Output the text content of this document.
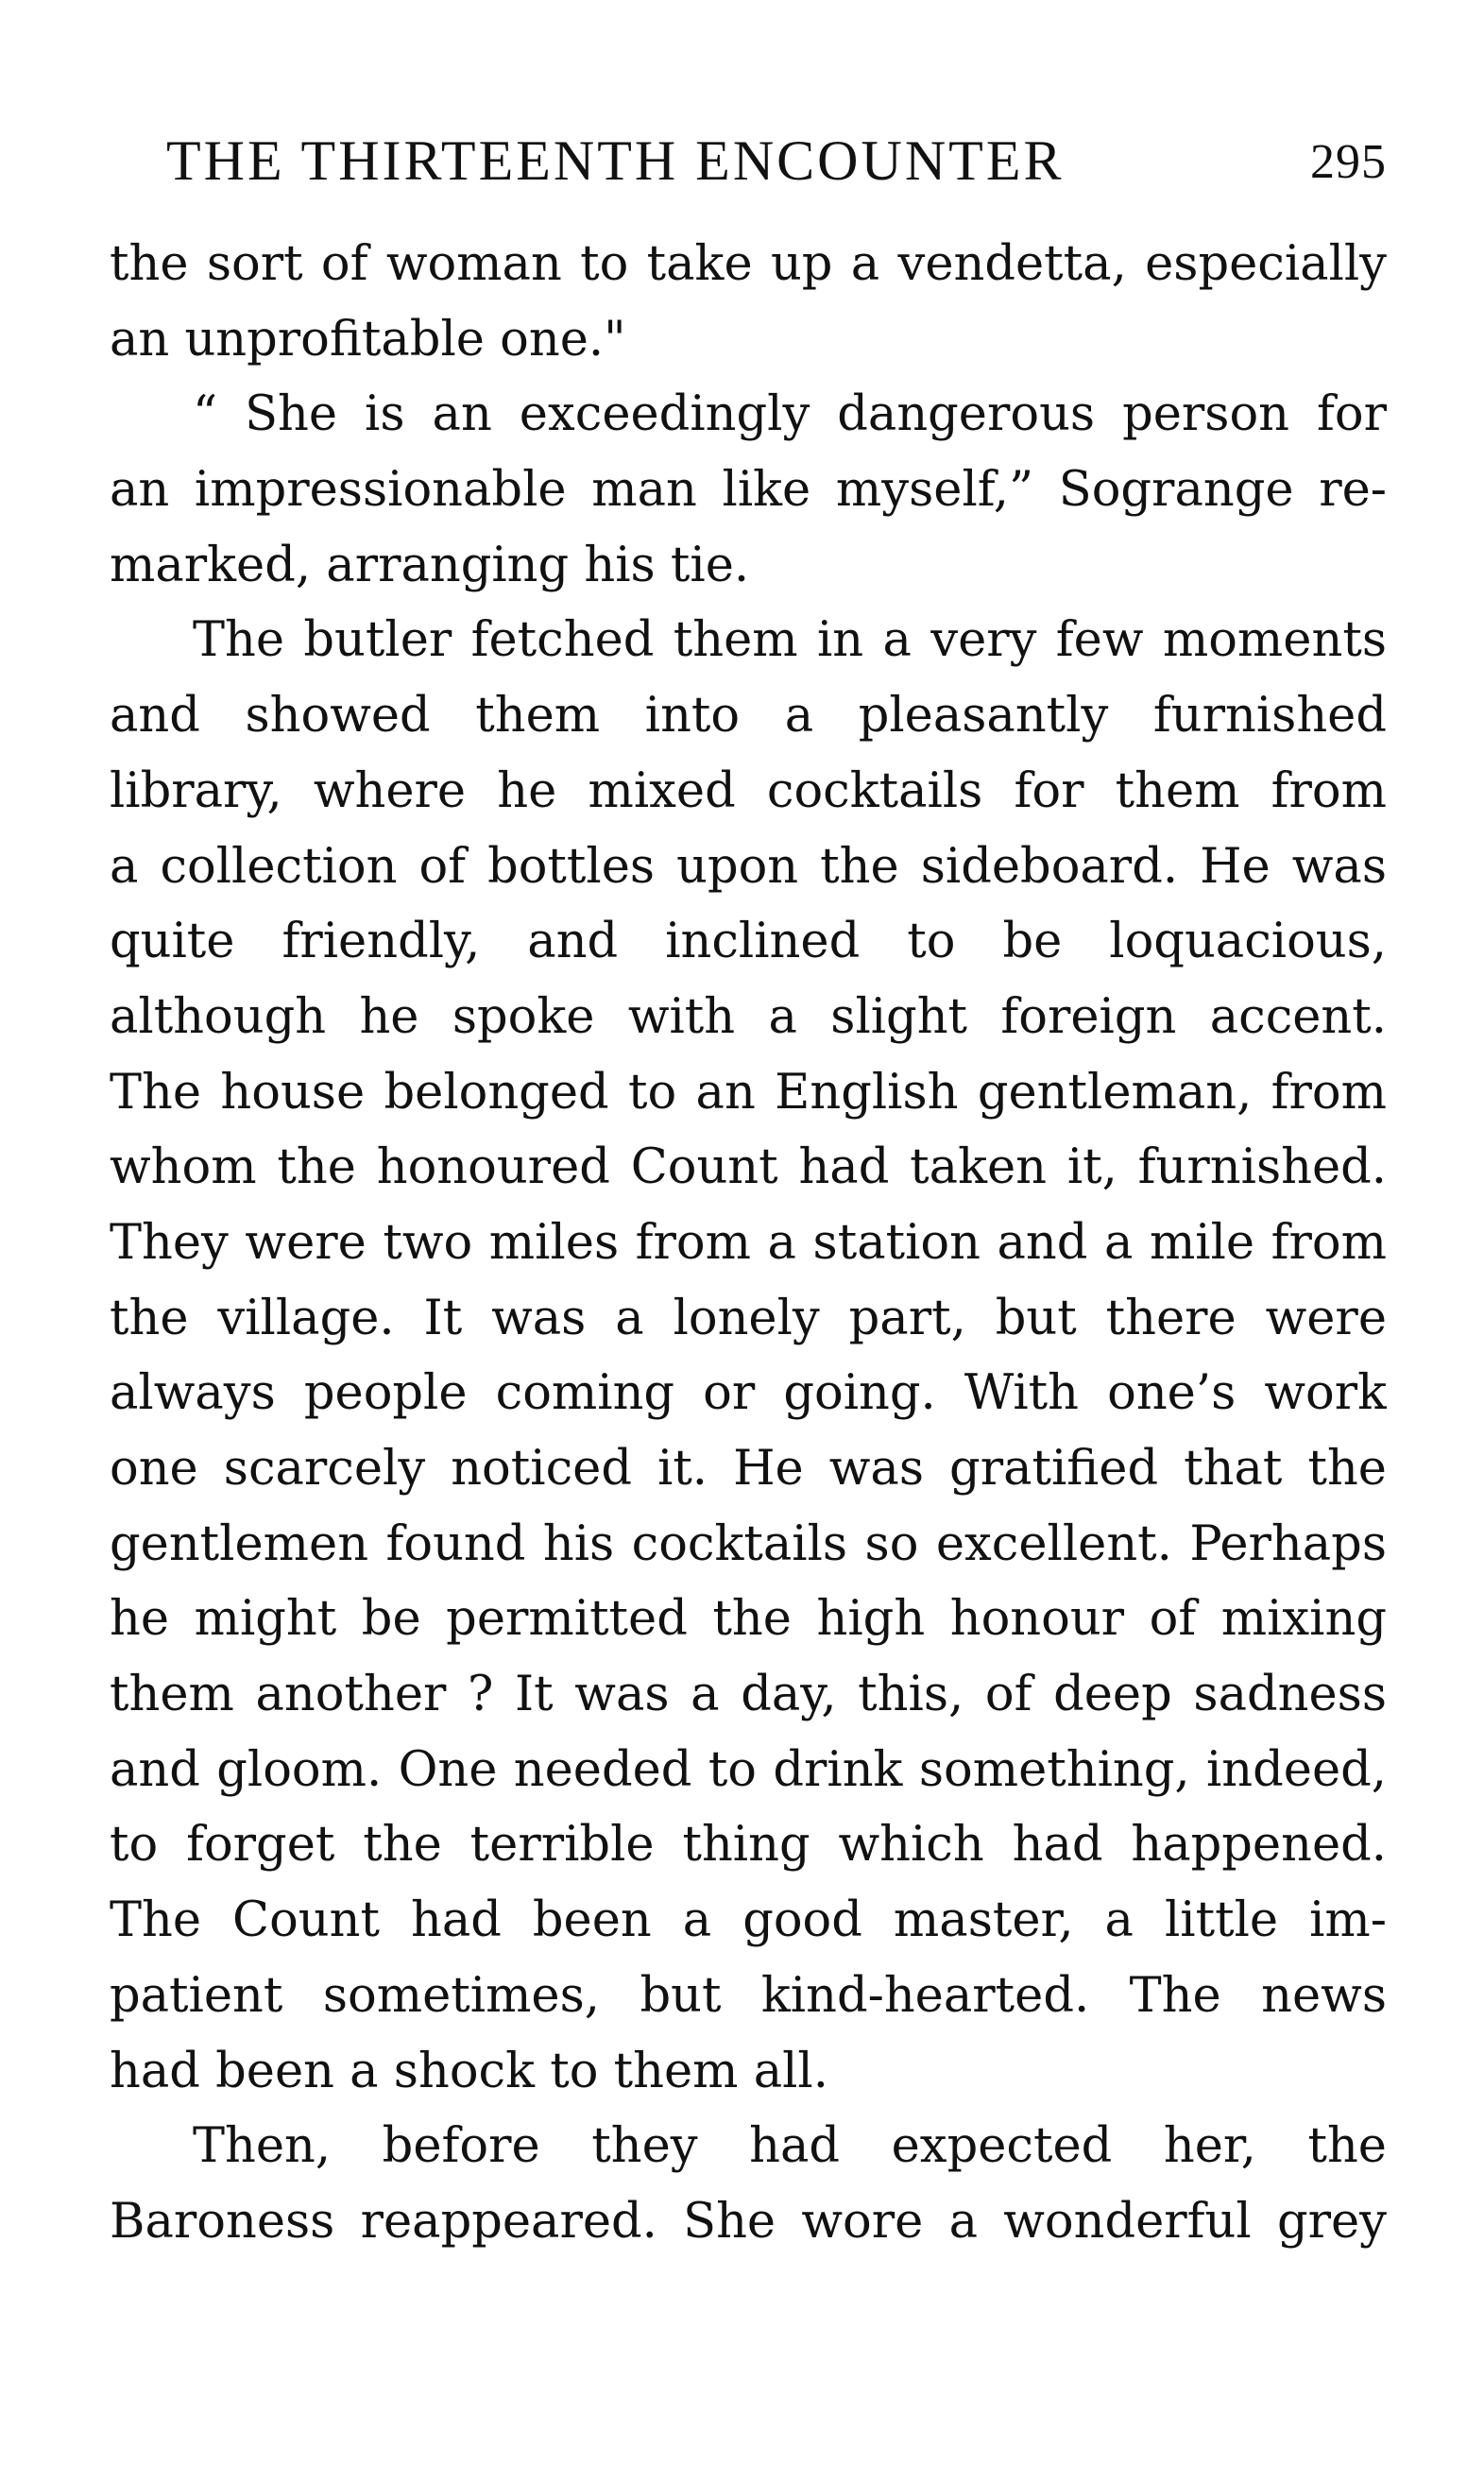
THE THIRTEENTH ENCOUNTER	295
the sort of woman to take up a vendetta, especially
an unprofitable one."
“ She is an exceedingly dangerous person for
an impressionable man like myself,” Sogrange re-
marked, arranging his tie.
The butler fetched them in a very few moments
and showed them into a pleasantly furnished
library, where he mixed cocktails for them from
a collection of bottles upon the sideboard. He was
quite friendly, and inclined to be loquacious,
although he spoke with a slight foreign accent.
The house belonged to an English gentleman, from
whom the honoured Count had taken it, furnished.
They were two miles from a station and a mile from
the village. It was a lonely part, but there were
always people coming or going. With one’s work
one scarcely noticed it. He was gratified that the
gentlemen found his cocktails so excellent. Perhaps
he might be permitted the high honour of mixing
them another ? It was a day, this, of deep sadness
and gloom. One needed to drink something, indeed,
to forget the terrible thing which had happened.
The Count had been a good master, a little im-
patient sometimes, but kind-hearted. The news
had been a shock to them all.
Then, before they had expected her, the
Baroness reappeared. She wore a wonderful grey
